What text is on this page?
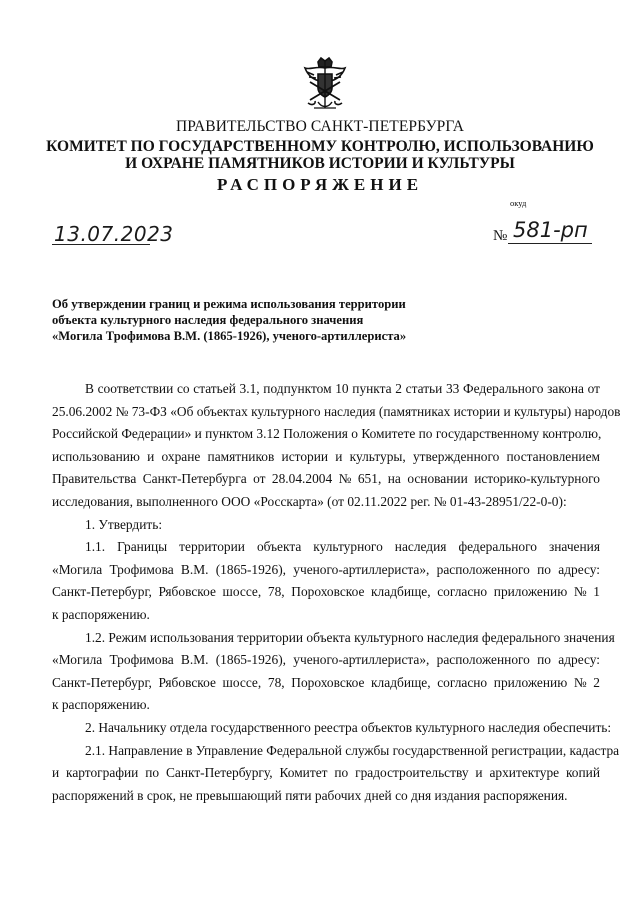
ПРАВИТЕЛЬСТВО САНКТ-ПЕТЕРБУРГА
КОМИТЕТ ПО ГОСУДАРСТВЕННОМУ КОНТРОЛЮ, ИСПОЛЬЗОВАНИЮ
И ОХРАНЕ ПАМЯТНИКОВ ИСТОРИИ И КУЛЬТУРЫ
РАСПОРЯЖЕНИЕ
окуд
13.07.2023	№ 581-рп
Об утверждении границ и режима использования территории
объекта культурного наследия федерального значения
«Могила Трофимова В.М. (1865-1926), ученого-артиллериста»

В соответствии со статьей 3.1, подпунктом 10 пункта 2 статьи 33 Федерального закона от
25.06.2002 № 73-ФЗ «Об объектах культурного наследия (памятниках истории и культуры) народов
Российской Федерации» и пунктом 3.12 Положения о Комитете по государственному контролю,
использованию и охране памятников истории и культуры, утвержденного постановлением
Правительства Санкт-Петербурга от 28.04.2004 № 651, на основании историко-культурного
исследования, выполненного ООО «Росскарта» (от 02.11.2022 рег. № 01-43-28951/22-0-0):

1. Утвердить:

1.1. Границы территории объекта культурного наследия федерального значения
«Могила Трофимова В.М. (1865-1926), ученого-артиллериста», расположенного по адресу:
Санкт-Петербург, Рябовское шоссе, 78, Пороховское кладбище, согласно приложению № 1
к распоряжению.

1.2. Режим использования территории объекта культурного наследия федерального значения
«Могила Трофимова В.М. (1865-1926), ученого-артиллериста», расположенного по адресу:
Санкт-Петербург, Рябовское шоссе, 78, Пороховское кладбище, согласно приложению № 2
к распоряжению.

2. Начальнику отдела государственного реестра объектов культурного наследия обеспечить:

2.1. Направление в Управление Федеральной службы государственной регистрации, кадастра
и картографии по Санкт-Петербургу, Комитет по градостроительству и архитектуре копий
распоряжений в срок, не превышающий пяти рабочих дней со дня издания распоряжения.
